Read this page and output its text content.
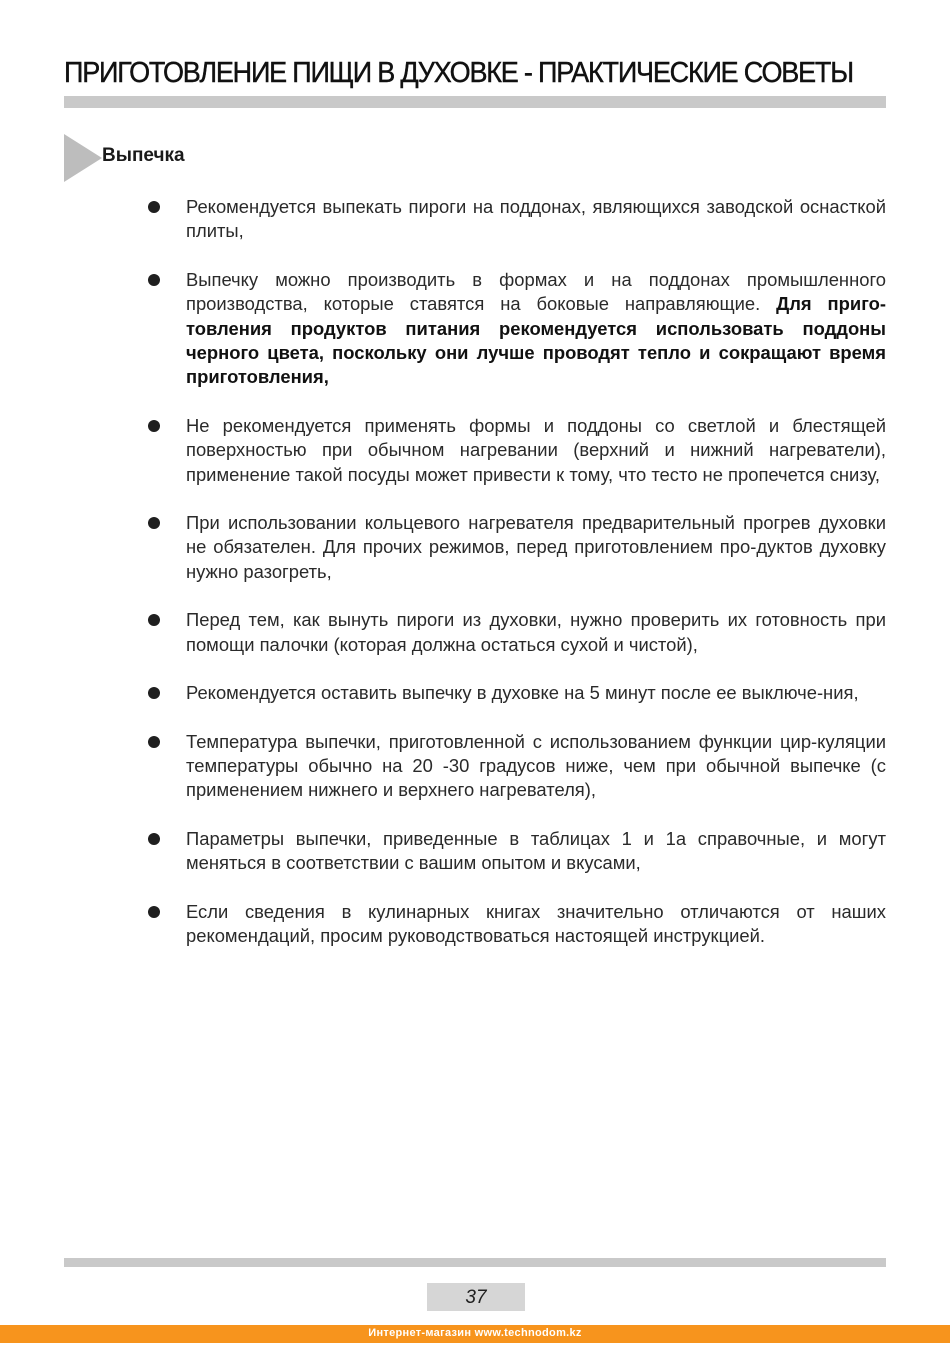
ПРИГОТОВЛЕНИЕ ПИЩИ В ДУХОВКЕ - ПРАКТИЧЕСКИЕ СОВЕТЫ
Выпечка
Рекомендуется выпекать пироги на поддонах, являющихся заводской оснасткой плиты,
Выпечку можно производить в формах и на поддонах промышленного производства, которые ставятся на боковые направляющие. Для приго-товления продуктов питания рекомендуется использовать поддоны черного цвета, поскольку они лучше проводят тепло и сокращают время приготовления,
Не рекомендуется применять формы и поддоны со светлой и блестящей поверхностью при обычном нагревании (верхний и нижний нагреватели), применение такой посуды может привести к тому, что тесто не пропечется снизу,
При использовании кольцевого нагревателя предварительный прогрев духовки не обязателен. Для прочих режимов, перед приготовлением про-дуктов духовку нужно разогреть,
Перед тем, как вынуть пироги из духовки, нужно проверить их готовность при помощи палочки (которая должна остаться сухой и чистой),
Рекомендуется оставить выпечку в духовке на 5 минут после ее выключе-ния,
Температура выпечки, приготовленной с использованием функции цир-куляции температуры обычно на 20 -30 градусов ниже, чем при обычной выпечке (с применением нижнего и верхнего нагревателя),
Параметры выпечки, приведенные в таблицах 1 и 1а справочные, и могут меняться в соответствии с вашим опытом и вкусами,
Если сведения в кулинарных книгах значительно отличаются от наших рекомендаций, просим руководствоваться настоящей инструкцией.
37
Интернет-магазин www.technodom.kz
